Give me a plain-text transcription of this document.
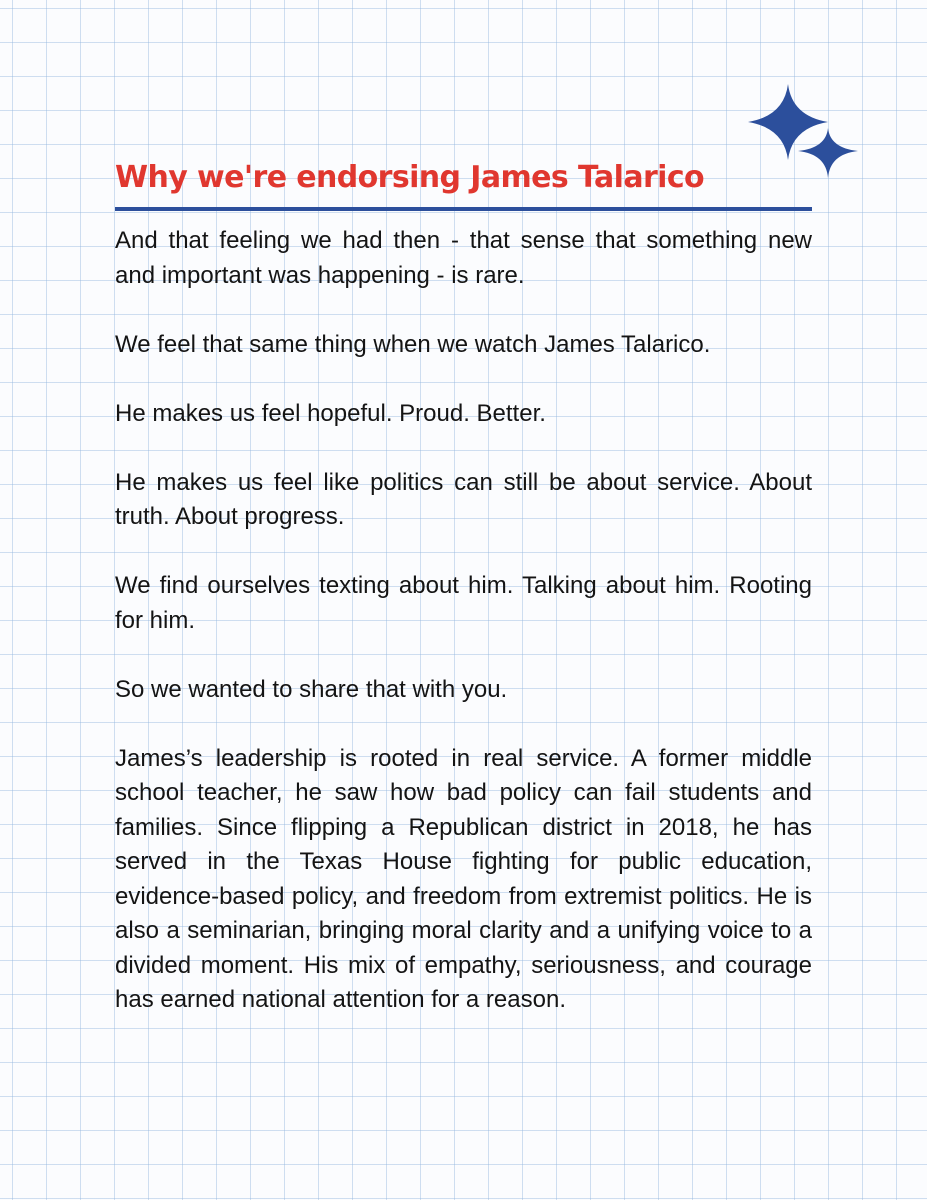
Why we're endorsing James Talarico

And that feeling we had then - that sense that something new and important was happening - is rare.

We feel that same thing when we watch James Talarico.

He makes us feel hopeful. Proud. Better.

He makes us feel like politics can still be about service. About truth. About progress.

We find ourselves texting about him. Talking about him. Rooting for him.

So we wanted to share that with you.

James’s leadership is rooted in real service. A former middle school teacher, he saw how bad policy can fail students and families. Since flipping a Republican district in 2018, he has served in the Texas House fighting for public education, evidence-based policy, and freedom from extremist politics. He is also a seminarian, bringing moral clarity and a unifying voice to a divided moment. His mix of empathy, seriousness, and courage has earned national attention for a reason.
